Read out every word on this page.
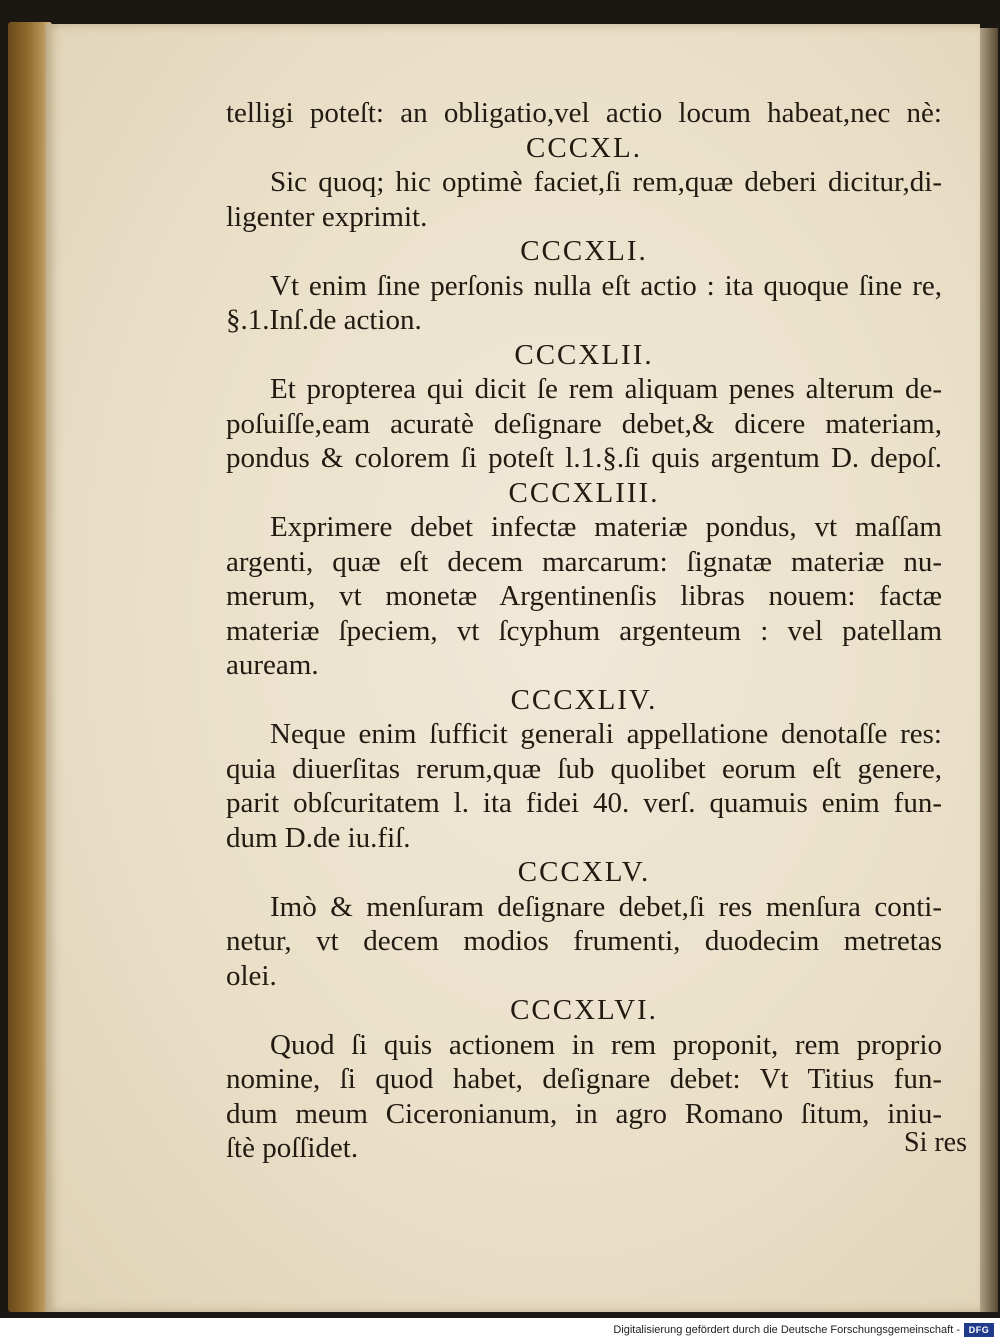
telligi poteſt: an obligatio,vel actio locum habeat,nec nè:
CCCXL.
Sic quoq; hic optimè faciet,ſi rem,quæ deberi dicitur,di-
ligenter exprimit.
CCCXLI.
Vt enim ſine perſonis nulla eſt actio : ita quoque ſine re,
§.1.Inſ.de action.
CCCXLII.
Et propterea qui dicit ſe rem aliquam penes alterum de-
poſuiſſe,eam acuratè deſignare debet,& dicere materiam,
pondus & colorem ſi poteſt l.1.§.ſi quis argentum D. depoſ.
CCCXLIII.
Exprimere debet infectæ materiæ pondus, vt maſſam
argenti, quæ eſt decem marcarum: ſignatæ materiæ nu-
merum, vt monetæ Argentinenſis libras nouem: factæ
materiæ ſpeciem, vt ſcyphum argenteum : vel patellam
auream.
CCCXLIV.
Neque enim ſufficit generali appellatione denotaſſe res:
quia diuerſitas rerum,quæ ſub quolibet eorum eſt genere,
parit obſcuritatem l. ita fidei 40. verſ. quamuis enim fun-
dum D.de iu.fiſ.
CCCXLV.
Imò & menſuram deſignare debet,ſi res menſura conti-
netur, vt decem modios frumenti, duodecim metretas
olei.
CCCXLVI.
Quod ſi quis actionem in rem proponit, rem proprio
nomine, ſi quod habet, deſignare debet: Vt Titius fun-
dum meum Ciceronianum, in agro Romano ſitum, iniu-
ſtè poſſidet.	Si res
Digitalisierung gefördert durch die Deutsche Forschungsgemeinschaft - DFG
